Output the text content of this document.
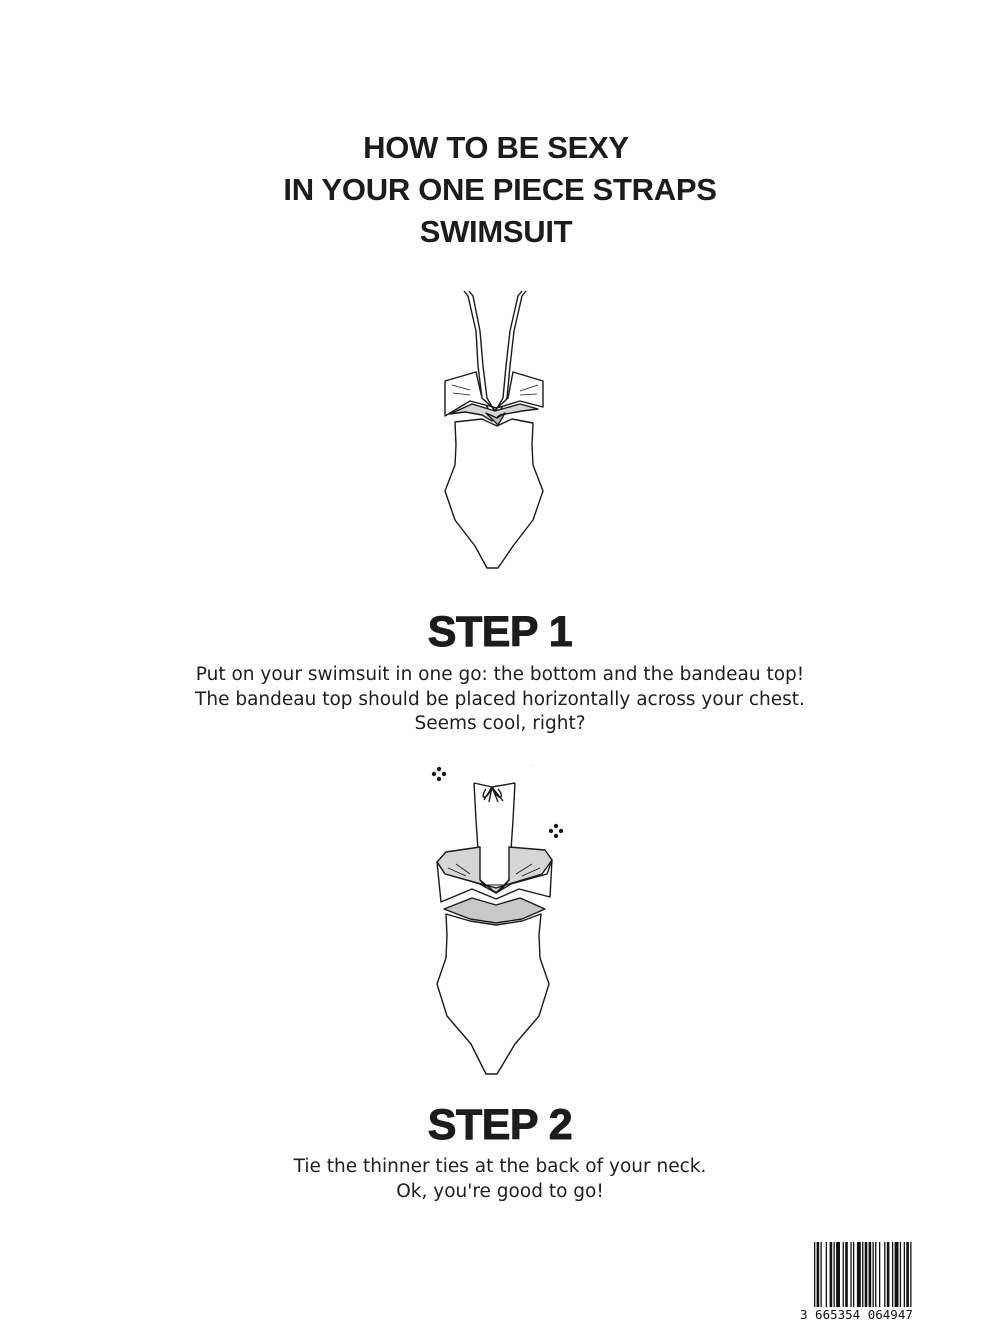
HOW TO BE SEXY
IN YOUR ONE PIECE STRAPS
SWIMSUIT
STEP 1
Put on your swimsuit in one go: the bottom and the bandeau top!
The bandeau top should be placed horizontally across your chest.
Seems cool, right?
STEP 2
Tie the thinner ties at the back of your neck.
Ok, you're good to go!
3 665354 064947
